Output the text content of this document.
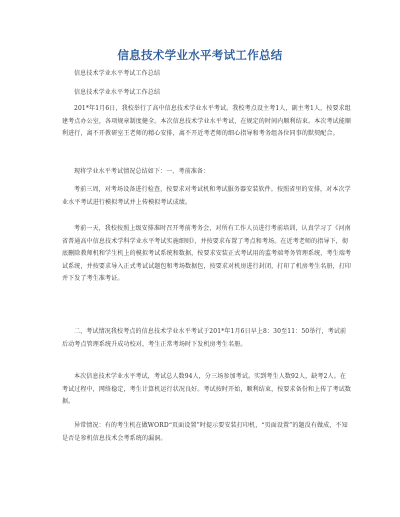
信息技术学业水平考试工作总结
信息技术学业水平考试工作总结
信息技术学业水平考试工作总结
201*年1月6日，我校举行了高中信息技术学业水平考试。我校考点设主考1人，副主考1人，按要求组建考点办公室，各项规章制度健全。本次信息技术学业水平考试，在规定的时间内顺利结束。本次考试能顺利进行，离不开教研室王老师的精心安排，离不开近考老师的细心指导和考务组各位同事的默契配合。
现将学业水平考试情况总结如下：一、考前准备：
考前三周，对考场设备进行检查，按要求对考试机和考试服务器安装软件。按照省里的安排，对本次学业水平考试进行模拟考试并上传模拟考试成绩。
考前一天，我校按照上级安排准时召开考前考务会，对所有工作人员进行考前培训，认真学习了《河南省普通高中信息技术学科学业水平考试实施细则》，并按要求布置了考点和考场。在近考老师的指导下，彻底删除教师机和学生机上的模拟考试系统和数据，按要求安装正式考试用的监考端考务管理系统，考生端考试系统，并按要求导入正式考试试题包和考场数据包，按要求对机房进行封闭，打印了机房考生名册，打印并下发了考生准考证。
二、考试情况我校考点的信息技术学业水平考试于201*年1月6日早上8：30至11：50举行，考试前后动考点管理系统升成功校对，考生正常考场时下发机房考生名册。
本次信息技术学业水平考试，考试总人数94人，分三场参加考试。实到考生人数92人，缺考2人。在考试过程中，网络稳定，考生计算机运行状况良好。考试按时开始，顺利结束，按要求备份和上传了考试数据。
异常情况：有的考生机在做WORD“页面设置”时提示要安装打印机，“页面设置”的题没有做成，不知是否是参机信息技术会考系统的漏洞。
